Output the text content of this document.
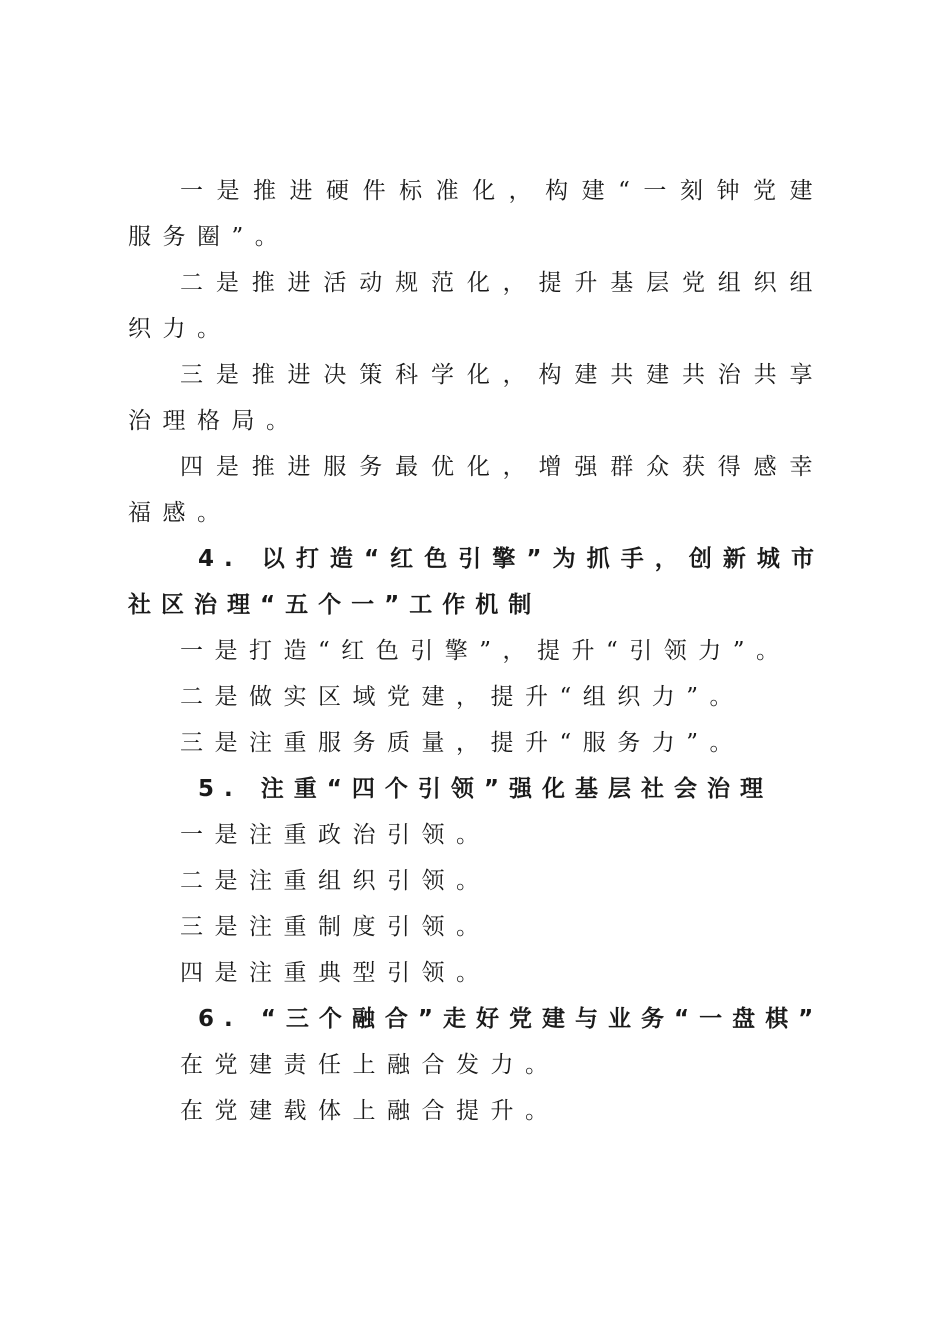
一是推进硬件标准化，构建“一刻钟党建服务圈”。

二是推进活动规范化，提升基层党组织组织力。

三是推进决策科学化，构建共建共治共享治理格局。

四是推进服务最优化，增强群众获得感幸福感。

4. 以打造“红色引擎”为抓手，创新城市社区治理“五个一”工作机制

一是打造“红色引擎”，提升“引领力”。

二是做实区域党建，提升“组织力”。

三是注重服务质量，提升“服务力”。

5. 注重“四个引领”强化基层社会治理

一是注重政治引领。

二是注重组织引领。

三是注重制度引领。

四是注重典型引领。

6. “三个融合”走好党建与业务“一盘棋”

在党建责任上融合发力。

在党建载体上融合提升。
